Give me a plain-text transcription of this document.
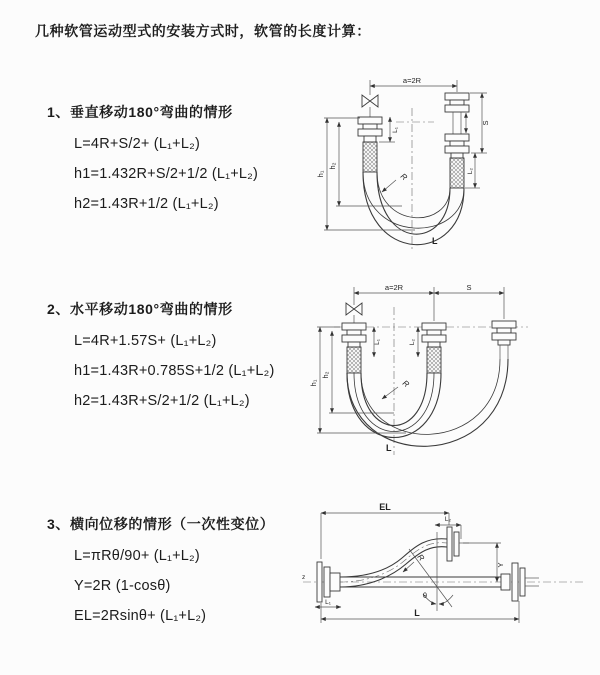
几种软管运动型式的安装方式时，软管的长度计算：
1、垂直移动180°弯曲的情形
L=4R+S/2+ (L₁+L₂)
h1=1.432R+S/2+1/2 (L₁+L₂)
h2=1.43R+1/2 (L₁+L₂)
a=2R
h₁
h₂
L₁
S
L₂
R
L
2、水平移动180°弯曲的情形
L=4R+1.57S+ (L₁+L₂)
h1=1.43R+0.785S+1/2 (L₁+L₂)
h2=1.43R+S/2+1/2 (L₁+L₂)
a=2R	S
h₁
h₂
L₁	L₂
R
L
3、横向位移的情形（一次性变位）
L=πRθ/90+ (L₁+L₂)
Y=2R (1-cosθ)
EL=2Rsinθ+ (L₁+L₂)
z
EL
L₂
Y
θ
R
L
L₁
